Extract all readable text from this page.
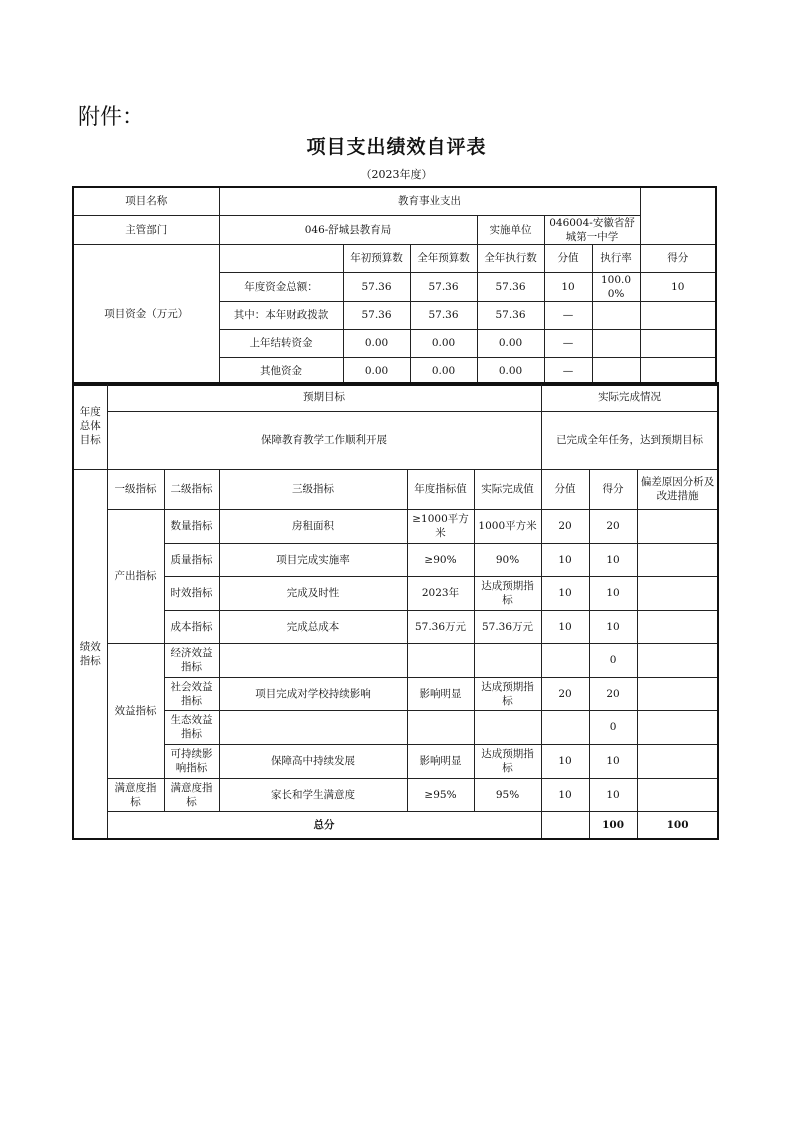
附件：
项目支出绩效自评表
（2023年度）
项目名称	教育事业支出						
主管部门	046-舒城县教育局			实施单位	046004-安徽省舒城第一中学		
项目资金（万元）		年初预算数	全年预算数	全年执行数	分值	执行率	得分
	年度资金总额：	57.36	57.36	57.36	10	100.00%	10
	其中：本年财政拨款	57.36	57.36	57.36	—		
	上年结转资金	0.00	0.00	0.00	—		
	其他资金	0.00	0.00	0.00	—		
年度总体目标	预期目标					实际完成情况			
	保障教育教学工作顺利开展					已完成全年任务，达到预期目标			
绩效指标	一级指标	二级指标	三级指标	年度指标值	实际完成值	分值	得分	偏差原因分析及改进措施	
	产出指标	数量指标	房租面积	≥1000平方米	1000平方米	20	20		
		质量指标	项目完成实施率	≥90%	90%	10	10		
		时效指标	完成及时性	2023年	达成预期指标	10	10		
		成本指标	完成总成本	57.36万元	57.36万元	10	10		
	效益指标	经济效益指标					0		
		社会效益指标	项目完成对学校持续影响	影响明显	达成预期指标	20	20		
		生态效益指标					0		
		可持续影响指标	保障高中持续发展	影响明显	达成预期指标	10	10		
	满意度指标	满意度指标	家长和学生满意度	≥95%	95%	10	10		
	总分						100	100	
